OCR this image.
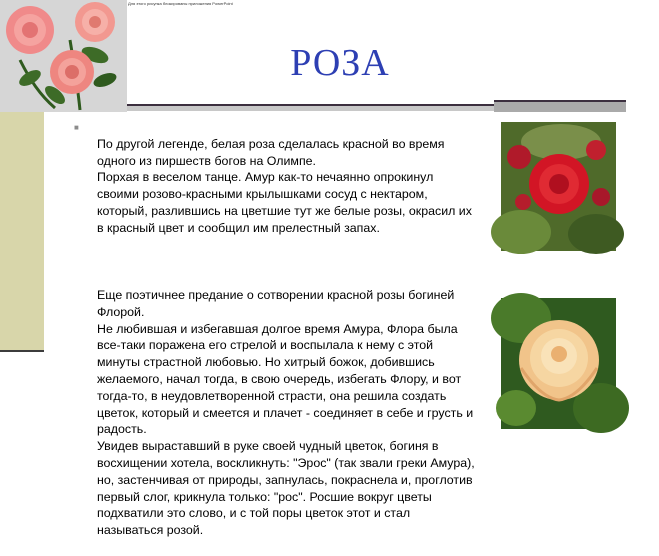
Для этого рисунка блокированы приложения PowerPoint
РОЗА
■

По другой легенде, белая роза сделалась красной во время одного из пиршеств богов на Олимпе.
Порхая в веселом танце. Амур как-то нечаянно опрокинул своими розово-красными крылышками сосуд с нектаром, который, разлившись на цветшие тут же белые розы, окрасил их в красный цвет и сообщил им прелестный запах.

Еще поэтичнее предание о сотворении красной розы богиней Флорой.
Не любившая и избегавшая долгое время Амура, Флора была все-таки поражена его стрелой и воспылала к нему с этой минуты страстной любовью. Но хитрый божок, добившись желаемого, начал тогда, в свою очередь, избегать Флору, и вот тогда-то, в неудовлетворенной страсти, она решила создать цветок, который и смеется и плачет - соединяет в себе и грусть и радость.
Увидев выраставший в руке своей чудный цветок, богиня в восхищении хотела, воскликнуть: "Эрос" (так звали греки Амура), но, застенчивая от природы, запнулась, покраснела и, проглотив первый слог, крикнула только: "рос". Росшие вокруг цветы подхватили это слово, и с той поры цветок этот и стал называться розой.
